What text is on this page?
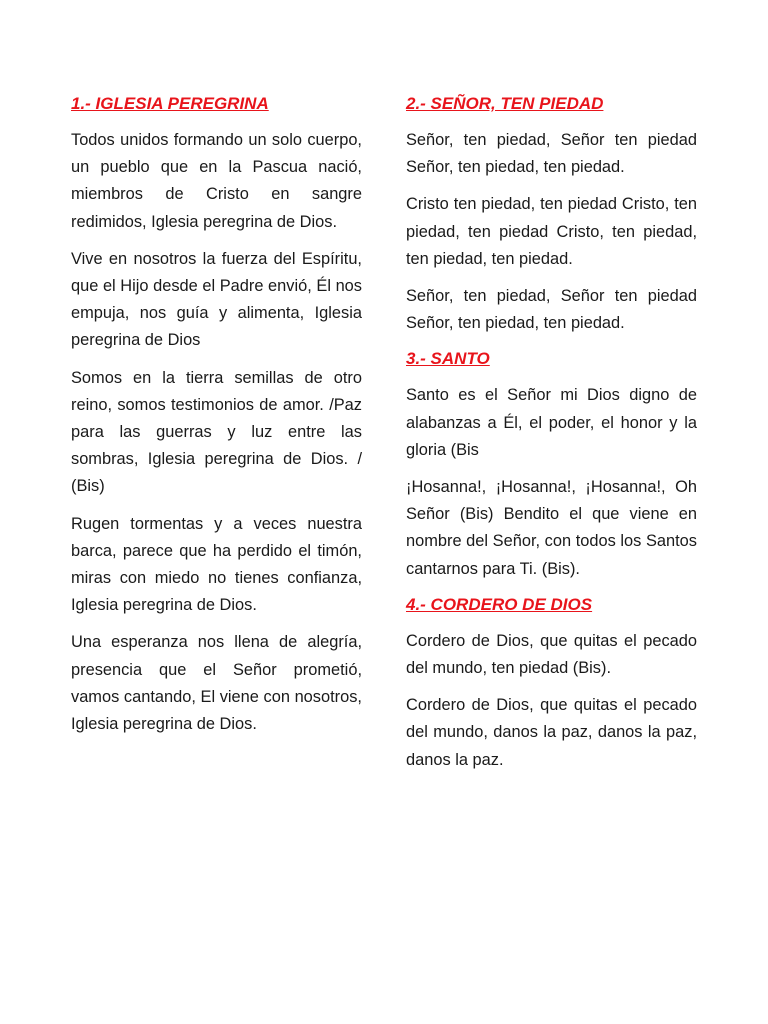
1.- IGLESIA PEREGRINA

Todos unidos formando un solo cuerpo, un pueblo que en la Pascua nació, miembros de Cristo en sangre redimidos, Iglesia peregrina de Dios.

Vive en nosotros la fuerza del Espíritu, que el Hijo desde el Padre envió, Él nos empuja, nos guía y alimenta, Iglesia peregrina de Dios

Somos en la tierra semillas de otro reino, somos testimonios de amor. /Paz para las guerras y luz entre las sombras, Iglesia peregrina de Dios. / (Bis)

Rugen tormentas y a veces nuestra barca, parece que ha perdido el timón, miras con miedo no tienes confianza, Iglesia peregrina de Dios.

Una esperanza nos llena de alegría, presencia que el Señor prometió, vamos cantando, El viene con nosotros, Iglesia peregrina de Dios.

2.- SEÑOR, TEN PIEDAD

Señor, ten piedad, Señor ten piedad Señor, ten piedad, ten piedad.

Cristo ten piedad, ten piedad Cristo, ten piedad, ten piedad Cristo, ten piedad, ten piedad, ten piedad.

Señor, ten piedad, Señor ten piedad Señor, ten piedad, ten piedad.

3.- SANTO

Santo es el Señor mi Dios digno de alabanzas a Él, el poder, el honor y la gloria (Bis

¡Hosanna!, ¡Hosanna!, ¡Hosanna!, Oh Señor (Bis) Bendito el que viene en nombre del Señor, con todos los Santos cantarnos para Ti. (Bis).

4.- CORDERO DE DIOS

Cordero de Dios, que quitas el pecado del mundo, ten piedad (Bis).

Cordero de Dios, que quitas el pecado del mundo, danos la paz, danos la paz, danos la paz.
